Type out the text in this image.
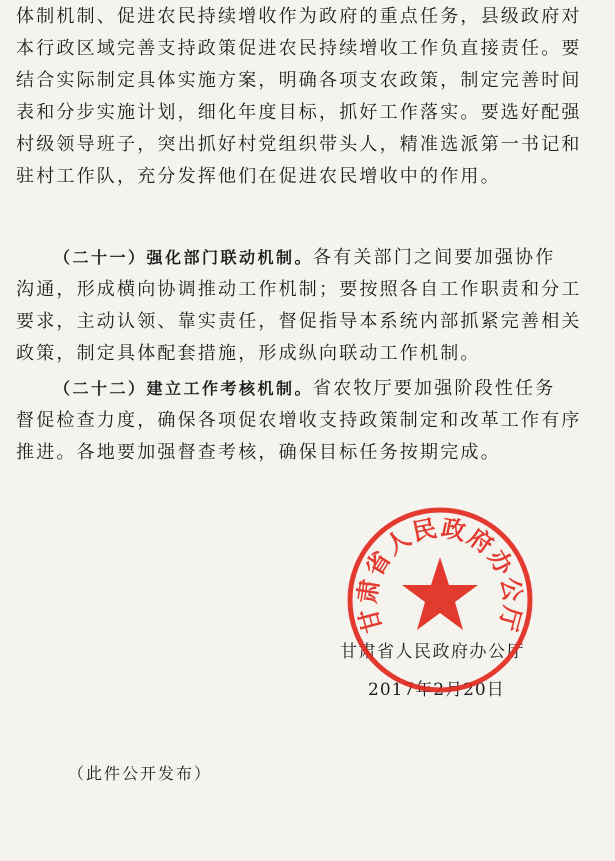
体制机制、促进农民持续增收作为政府的重点任务，县级政府对
本行政区域完善支持政策促进农民持续增收工作负直接责任。要
结合实际制定具体实施方案，明确各项支农政策，制定完善时间
表和分步实施计划，细化年度目标，抓好工作落实。要选好配强
村级领导班子，突出抓好村党组织带头人，精准选派第一书记和
驻村工作队，充分发挥他们在促进农民增收中的作用。
（二十一）强化部门联动机制。各有关部门之间要加强协作
沟通，形成横向协调推动工作机制；要按照各自工作职责和分工
要求，主动认领、靠实责任，督促指导本系统内部抓紧完善相关
政策，制定具体配套措施，形成纵向联动工作机制。
（二十二）建立工作考核机制。省农牧厅要加强阶段性任务
督促检查力度，确保各项促农增收支持政策制定和改革工作有序
推进。各地要加强督查考核，确保目标任务按期完成。
甘肃省人民政府办公厅
2017年2月20日
甘肃省人民政府办公厅
（此件公开发布）
